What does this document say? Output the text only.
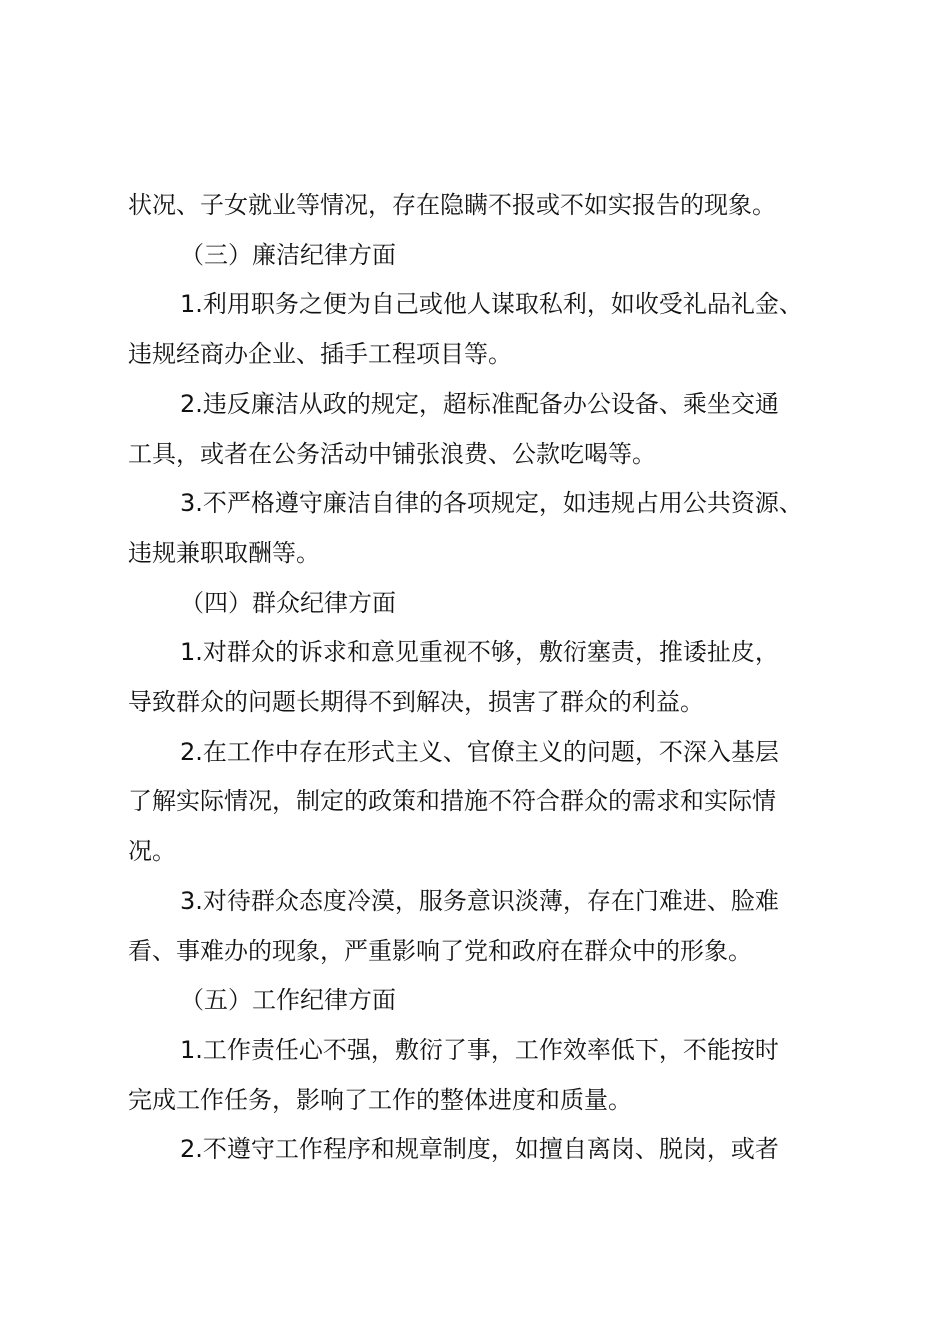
状况、子女就业等情况，存在隐瞒不报或不如实报告的现象。
（三）廉洁纪律方面
1.利用职务之便为自己或他人谋取私利，如收受礼品礼金、
违规经商办企业、插手工程项目等。
2.违反廉洁从政的规定，超标准配备办公设备、乘坐交通
工具，或者在公务活动中铺张浪费、公款吃喝等。
3.不严格遵守廉洁自律的各项规定，如违规占用公共资源、
违规兼职取酬等。
（四）群众纪律方面
1.对群众的诉求和意见重视不够，敷衍塞责，推诿扯皮，
导致群众的问题长期得不到解决，损害了群众的利益。
2.在工作中存在形式主义、官僚主义的问题，不深入基层
了解实际情况，制定的政策和措施不符合群众的需求和实际情
况。
3.对待群众态度冷漠，服务意识淡薄，存在门难进、脸难
看、事难办的现象，严重影响了党和政府在群众中的形象。
（五）工作纪律方面
1.工作责任心不强，敷衍了事，工作效率低下，不能按时
完成工作任务，影响了工作的整体进度和质量。
2.不遵守工作程序和规章制度，如擅自离岗、脱岗，或者
